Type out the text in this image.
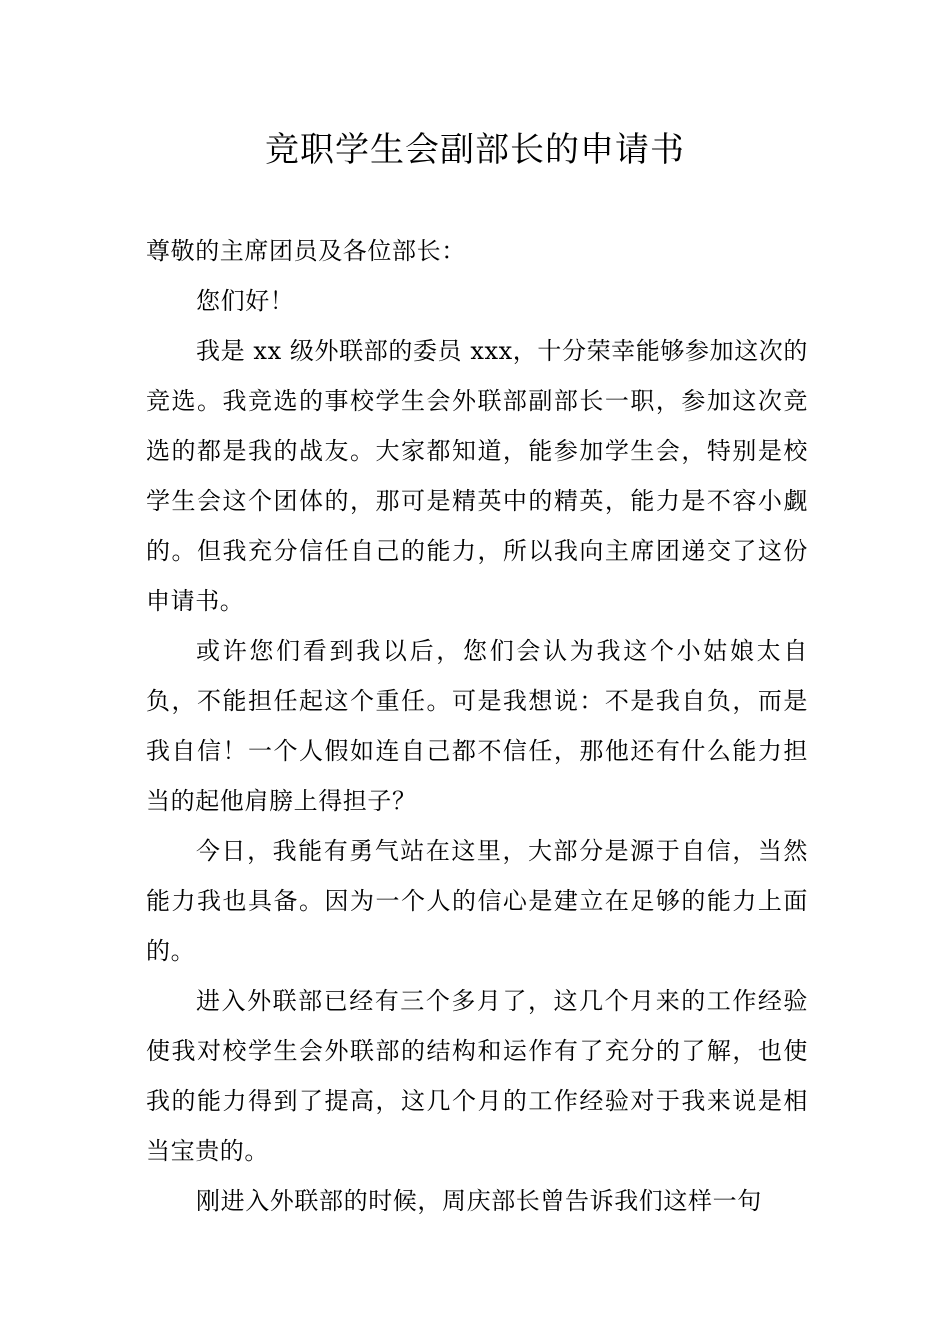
竞职学生会副部长的申请书

尊敬的主席团员及各位部长：

您们好！

我是 xx 级外联部的委员 xxx，十分荣幸能够参加这次的竞选。我竞选的事校学生会外联部副部长一职，参加这次竞选的都是我的战友。大家都知道，能参加学生会，特别是校学生会这个团体的，那可是精英中的精英，能力是不容小觑的。但我充分信任自己的能力，所以我向主席团递交了这份申请书。

或许您们看到我以后，您们会认为我这个小姑娘太自负，不能担任起这个重任。可是我想说：不是我自负，而是我自信！一个人假如连自己都不信任，那他还有什么能力担当的起他肩膀上得担子？

今日，我能有勇气站在这里，大部分是源于自信，当然能力我也具备。因为一个人的信心是建立在足够的能力上面的。

进入外联部已经有三个多月了，这几个月来的工作经验使我对校学生会外联部的结构和运作有了充分的了解，也使我的能力得到了提高，这几个月的工作经验对于我来说是相当宝贵的。

刚进入外联部的时候，周庆部长曾告诉我们这样一句
